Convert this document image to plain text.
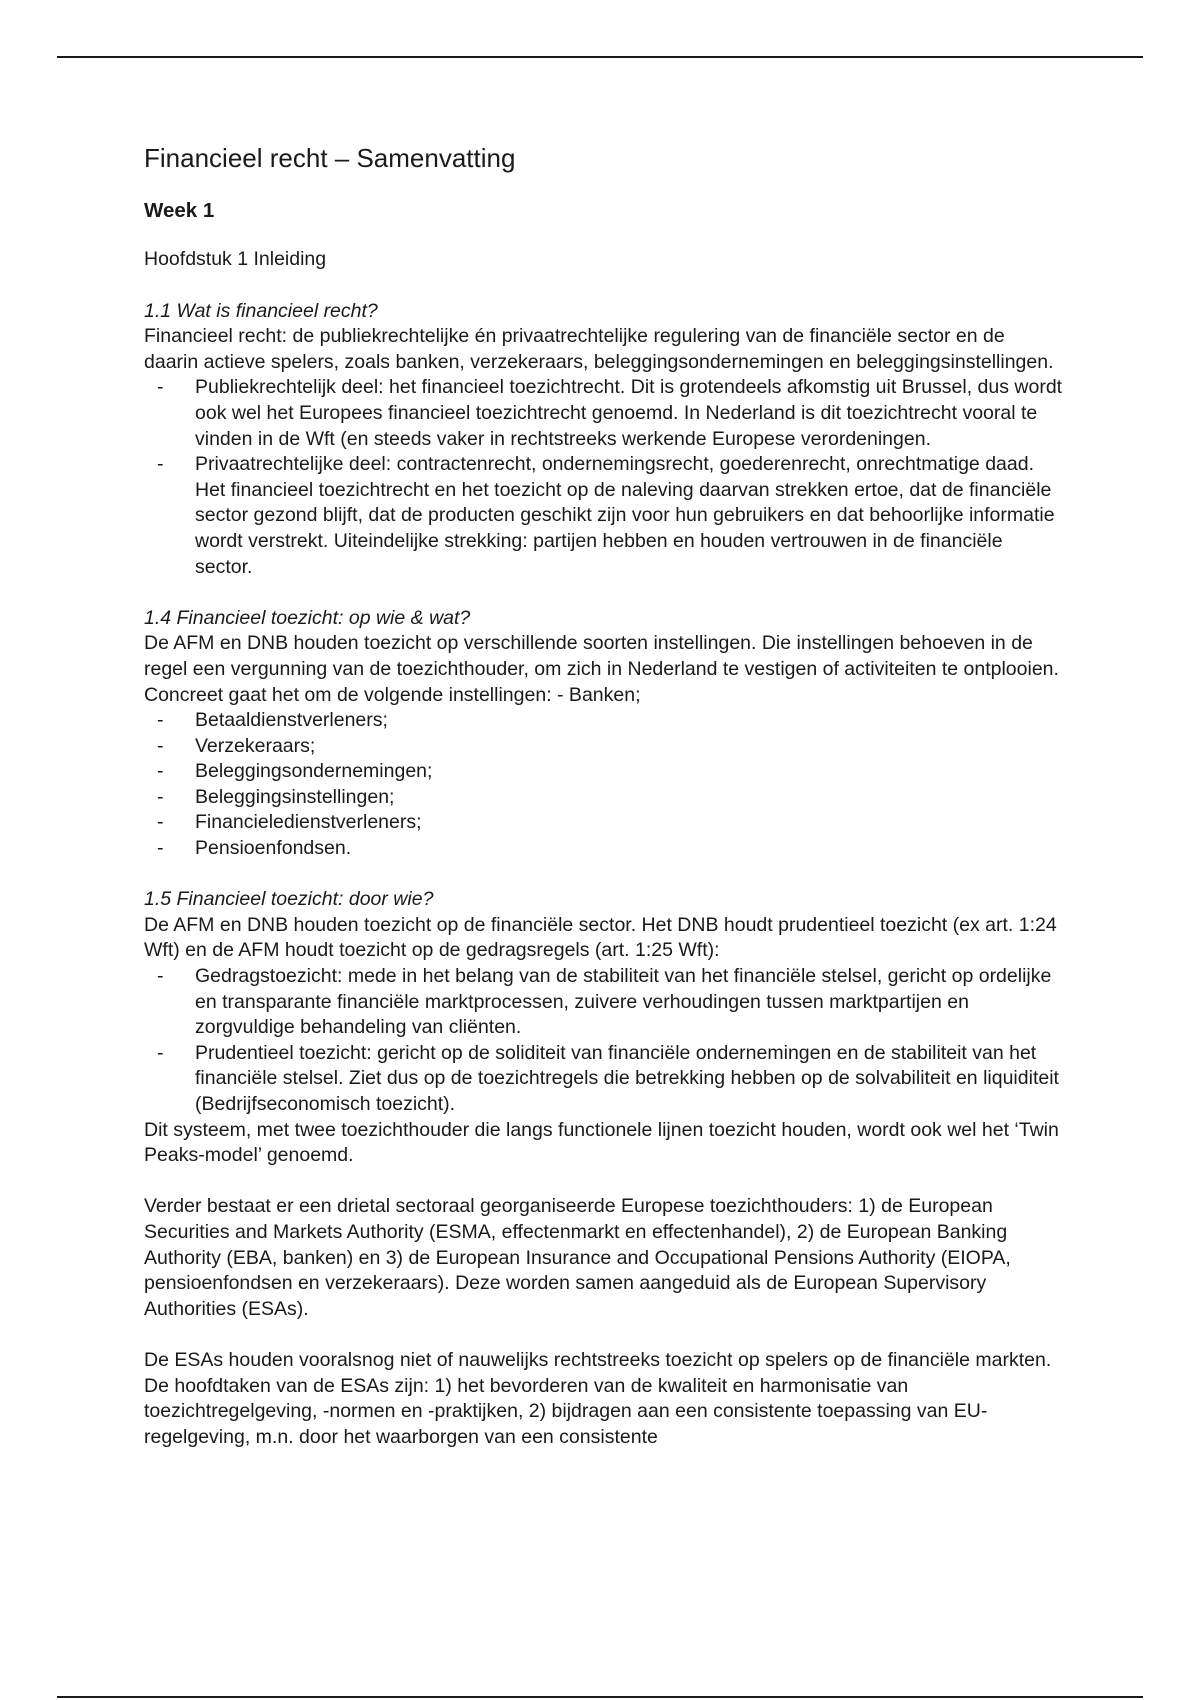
Financieel recht – Samenvatting

Week 1

Hoofdstuk 1 Inleiding

1.1 Wat is financieel recht?

Financieel recht: de publiekrechtelijke én privaatrechtelijke regulering van de financiële sector en de daarin actieve spelers, zoals banken, verzekeraars, beleggingsondernemingen en beleggingsinstellingen.

- Publiekrechtelijk deel: het financieel toezichtrecht. Dit is grotendeels afkomstig uit Brussel, dus wordt ook wel het Europees financieel toezichtrecht genoemd. In Nederland is dit toezichtrecht vooral te vinden in de Wft (en steeds vaker in rechtstreeks werkende Europese verordeningen.
- Privaatrechtelijke deel: contractenrecht, ondernemingsrecht, goederenrecht, onrechtmatige daad. Het financieel toezichtrecht en het toezicht op de naleving daarvan strekken ertoe, dat de financiële sector gezond blijft, dat de producten geschikt zijn voor hun gebruikers en dat behoorlijke informatie wordt verstrekt. Uiteindelijke strekking: partijen hebben en houden vertrouwen in de financiële sector.

1.4 Financieel toezicht: op wie & wat?

De AFM en DNB houden toezicht op verschillende soorten instellingen. Die instellingen behoeven in de regel een vergunning van de toezichthouder, om zich in Nederland te vestigen of activiteiten te ontplooien. Concreet gaat het om de volgende instellingen: - Banken;

- Betaaldienstverleners;
- Verzekeraars;
- Beleggingsondernemingen;
- Beleggingsinstellingen;
- Financieledienstverleners;
- Pensioenfondsen.

1.5 Financieel toezicht: door wie?

De AFM en DNB houden toezicht op de financiële sector. Het DNB houdt prudentieel toezicht (ex art. 1:24 Wft) en de AFM houdt toezicht op de gedragsregels (art. 1:25 Wft):

- Gedragstoezicht: mede in het belang van de stabiliteit van het financiële stelsel, gericht op ordelijke en transparante financiële marktprocessen, zuivere verhoudingen tussen marktpartijen en zorgvuldige behandeling van cliënten.
- Prudentieel toezicht: gericht op de soliditeit van financiële ondernemingen en de stabiliteit van het financiële stelsel. Ziet dus op de toezichtregels die betrekking hebben op de solvabiliteit en liquiditeit (Bedrijfseconomisch toezicht).

Dit systeem, met twee toezichthouder die langs functionele lijnen toezicht houden, wordt ook wel het ‘Twin Peaks-model’ genoemd.

Verder bestaat er een drietal sectoraal georganiseerde Europese toezichthouders: 1) de European Securities and Markets Authority (ESMA, effectenmarkt en effectenhandel), 2) de European Banking Authority (EBA, banken) en 3) de European Insurance and Occupational Pensions Authority (EIOPA, pensioenfondsen en verzekeraars). Deze worden samen aangeduid als de European Supervisory Authorities (ESAs).

De ESAs houden vooralsnog niet of nauwelijks rechtstreeks toezicht op spelers op de financiële markten. De hoofdtaken van de ESAs zijn: 1) het bevorderen van de kwaliteit en harmonisatie van toezichtregelgeving, -normen en -praktijken, 2) bijdragen aan een consistente toepassing van EU-regelgeving, m.n. door het waarborgen van een consistente
